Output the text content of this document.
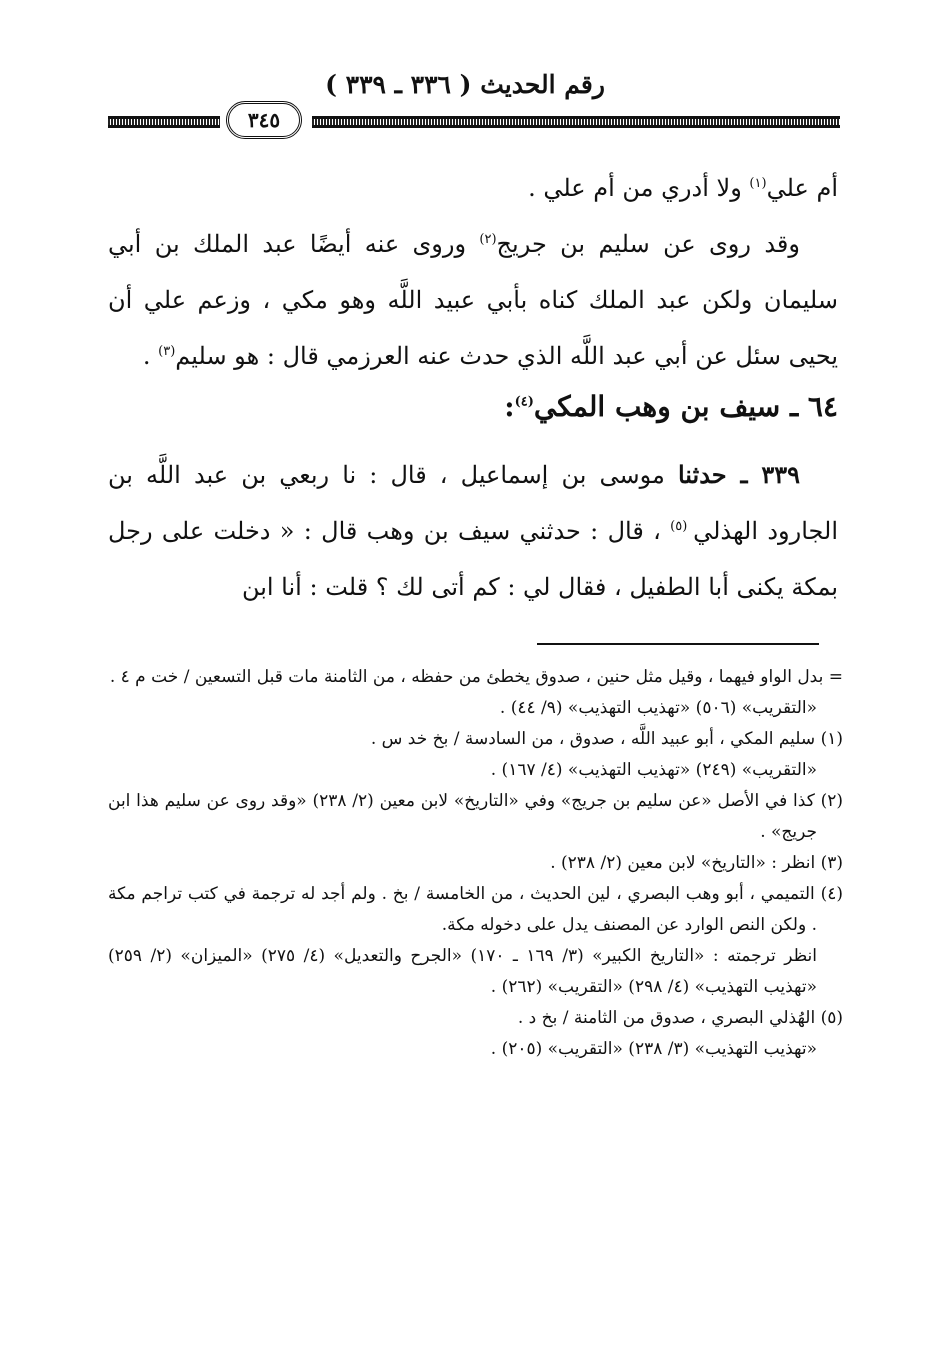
رقم الحديث ( ٣٣٦ ـ ٣٣٩ )
٣٤٥

أم علي$^{(١)}$ ولا أدري من أم علي .

وقد روى عن سليم بن جريج$^{(٢)}$ وروى عنه أيضًا عبد الملك بن أبي سليمان ولكن عبد الملك كناه بأبي عبيد اللَّه وهو مكي ، وزعم علي أن يحيى سئل عن أبي عبد اللَّه الذي حدث عنه العرزمي قال : هو سليم$^{(٣)}$ .

٦٤ ـ سيف بن وهب المكي$^{(٤)}$:

٣٣٩ ـ حدثنا موسى بن إسماعيل ، قال : نا ربعي بن عبد اللَّه بن الجارود الهذلي $^{(٥)}$ ، قال : حدثني سيف بن وهب قال : « دخلت على رجل بمكة يكنى أبا الطفيل ، فقال لي : كم أتى لك ؟ قلت : أنا ابن

= بدل الواو فيهما ، وقيل مثل حنين ، صدوق يخطئ من حفظه ، من الثامنة مات قبل التسعين / خت م ٤ .

«التقريب» (٥٠٦) «تهذيب التهذيب» (٩/ ٤٤) .

(١) سليم المكي ، أبو عبيد اللَّه ، صدوق ، من السادسة / بخ خد س .

«التقريب» (٢٤٩) «تهذيب التهذيب» (٤/ ١٦٧) .

(٢) كذا في الأصل «عن سليم بن جريج» وفي «التاريخ» لابن معين (٢/ ٢٣٨) «وقد روى عن سليم هذا ابن جريج» .

(٣) انظر : «التاريخ» لابن معين (٢/ ٢٣٨) .

(٤) التميمي ، أبو وهب البصري ، لين الحديث ، من الخامسة / بخ . ولم أجد له ترجمة في كتب تراجم مكة . ولكن النص الوارد عن المصنف يدل على دخوله مكة.

انظر ترجمته : «التاريخ الكبير» (٣/ ١٦٩ ـ ١٧٠) «الجرح والتعديل» (٤/ ٢٧٥) «الميزان» (٢/ ٢٥٩) «تهذيب التهذيب» (٤/ ٢٩٨) «التقريب» (٢٦٢) .

(٥) الهُذلي البصري ، صدوق من الثامنة / بخ د .

«تهذيب التهذيب» (٣/ ٢٣٨) «التقريب» (٢٠٥) .
